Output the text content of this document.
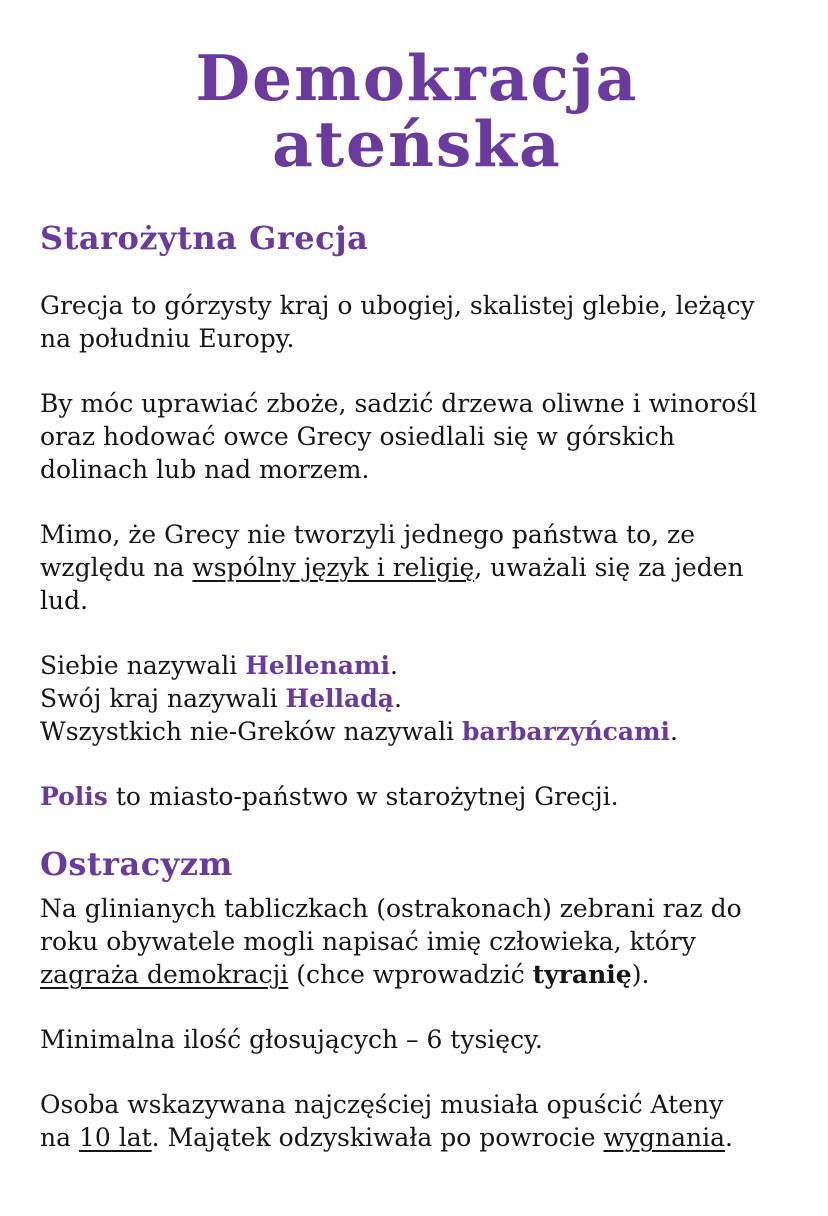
Demokracja ateńska
Starożytna Grecja

Grecja to górzysty kraj o ubogiej, skalistej glebie, leżący
na południu Europy.

By móc uprawiać zboże, sadzić drzewa oliwne i winorośl
oraz hodować owce Grecy osiedlali się w górskich
dolinach lub nad morzem.

Mimo, że Grecy nie tworzyli jednego państwa to, ze
względu na wspólny język i religię, uważali się za jeden
lud.

Siebie nazywali Hellenami.
Swój kraj nazywali Helladą.
Wszystkich nie-Greków nazywali barbarzyńcami.

Polis to miasto-państwo w starożytnej Grecji.

Ostracyzm

Na glinianych tabliczkach (ostrakonach) zebrani raz do
roku obywatele mogli napisać imię człowieka, który
zagraża demokracji (chce wprowadzić tyranię).

Minimalna ilość głosujących – 6 tysięcy.

Osoba wskazywana najczęściej musiała opuścić Ateny
na 10 lat. Majątek odzyskiwała po powrocie wygnania.
